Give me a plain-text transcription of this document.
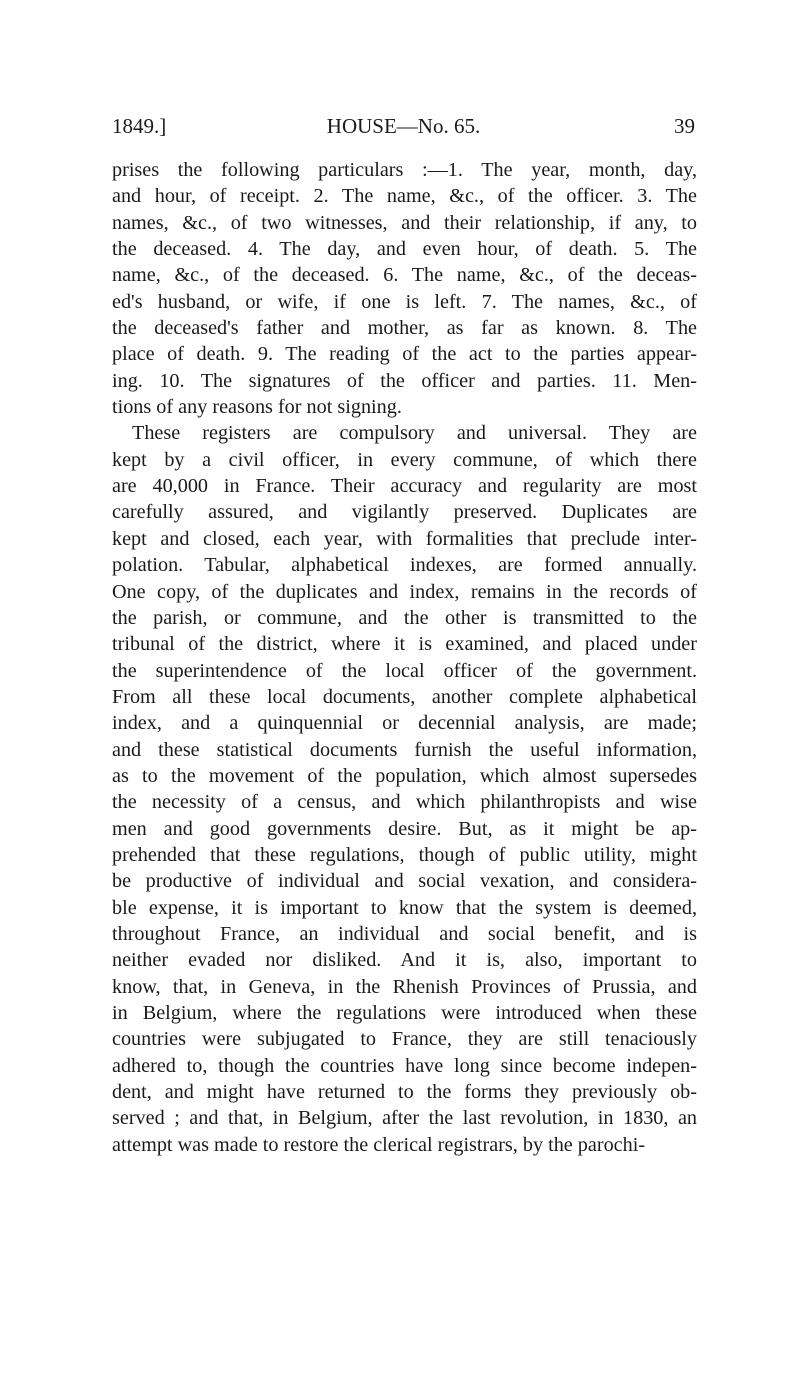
1849.]	HOUSE—No. 65.	39

prises the following particulars :—1. The year, month, day,
and hour, of receipt. 2. The name, &c., of the officer. 3. The
names, &c., of two witnesses, and their relationship, if any, to
the deceased. 4. The day, and even hour, of death. 5. The
name, &c., of the deceased. 6. The name, &c., of the deceas-
ed's husband, or wife, if one is left. 7. The names, &c., of
the deceased's father and mother, as far as known. 8. The
place of death. 9. The reading of the act to the parties appear-
ing. 10. The signatures of the officer and parties. 11. Men-
tions of any reasons for not signing.

These registers are compulsory and universal. They are
kept by a civil officer, in every commune, of which there
are 40,000 in France. Their accuracy and regularity are most
carefully assured, and vigilantly preserved. Duplicates are
kept and closed, each year, with formalities that preclude inter-
polation. Tabular, alphabetical indexes, are formed annually.
One copy, of the duplicates and index, remains in the records of
the parish, or commune, and the other is transmitted to the
tribunal of the district, where it is examined, and placed under
the superintendence of the local officer of the government.
From all these local documents, another complete alphabetical
index, and a quinquennial or decennial analysis, are made;
and these statistical documents furnish the useful information,
as to the movement of the population, which almost supersedes
the necessity of a census, and which philanthropists and wise
men and good governments desire. But, as it might be ap-
prehended that these regulations, though of public utility, might
be productive of individual and social vexation, and considera-
ble expense, it is important to know that the system is deemed,
throughout France, an individual and social benefit, and is
neither evaded nor disliked. And it is, also, important to
know, that, in Geneva, in the Rhenish Provinces of Prussia, and
in Belgium, where the regulations were introduced when these
countries were subjugated to France, they are still tenaciously
adhered to, though the countries have long since become indepen-
dent, and might have returned to the forms they previously ob-
served ; and that, in Belgium, after the last revolution, in 1830, an
attempt was made to restore the clerical registrars, by the parochi-
